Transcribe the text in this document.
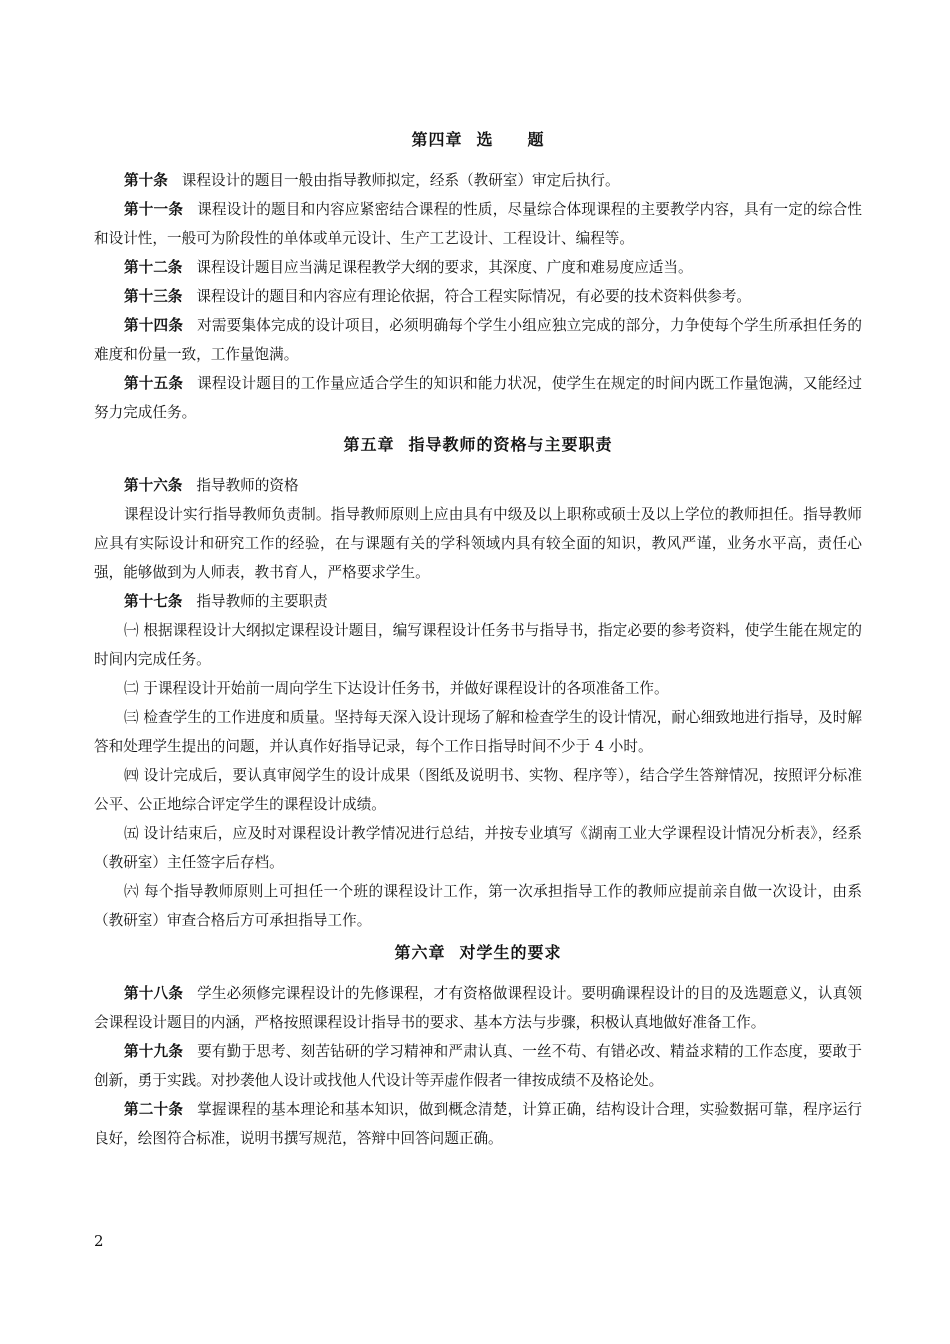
第四章 选　　题

第十条 课程设计的题目一般由指导教师拟定，经系（教研室）审定后执行。

第十一条 课程设计的题目和内容应紧密结合课程的性质，尽量综合体现课程的主要教学内容，具有一定的综合性和设计性，一般可为阶段性的单体或单元设计、生产工艺设计、工程设计、编程等。

第十二条 课程设计题目应当满足课程教学大纲的要求，其深度、广度和难易度应适当。

第十三条 课程设计的题目和内容应有理论依据，符合工程实际情况，有必要的技术资料供参考。

第十四条 对需要集体完成的设计项目，必须明确每个学生小组应独立完成的部分，力争使每个学生所承担任务的难度和份量一致，工作量饱满。

第十五条 课程设计题目的工作量应适合学生的知识和能力状况，使学生在规定的时间内既工作量饱满，又能经过努力完成任务。

第五章 指导教师的资格与主要职责

第十六条 指导教师的资格

课程设计实行指导教师负责制。指导教师原则上应由具有中级及以上职称或硕士及以上学位的教师担任。指导教师应具有实际设计和研究工作的经验，在与课题有关的学科领域内具有较全面的知识，教风严谨，业务水平高，责任心强，能够做到为人师表，教书育人，严格要求学生。

第十七条 指导教师的主要职责

㈠ 根据课程设计大纲拟定课程设计题目，编写课程设计任务书与指导书，指定必要的参考资料，使学生能在规定的时间内完成任务。

㈡ 于课程设计开始前一周向学生下达设计任务书，并做好课程设计的各项准备工作。

㈢ 检查学生的工作进度和质量。坚持每天深入设计现场了解和检查学生的设计情况，耐心细致地进行指导，及时解答和处理学生提出的问题，并认真作好指导记录，每个工作日指导时间不少于 4 小时。

㈣ 设计完成后，要认真审阅学生的设计成果（图纸及说明书、实物、程序等），结合学生答辩情况，按照评分标准公平、公正地综合评定学生的课程设计成绩。

㈤ 设计结束后，应及时对课程设计教学情况进行总结，并按专业填写《湖南工业大学课程设计情况分析表》，经系（教研室）主任签字后存档。

㈥ 每个指导教师原则上可担任一个班的课程设计工作，第一次承担指导工作的教师应提前亲自做一次设计，由系（教研室）审查合格后方可承担指导工作。

第六章 对学生的要求

第十八条 学生必须修完课程设计的先修课程，才有资格做课程设计。要明确课程设计的目的及选题意义，认真领会课程设计题目的内涵，严格按照课程设计指导书的要求、基本方法与步骤，积极认真地做好准备工作。

第十九条 要有勤于思考、刻苦钻研的学习精神和严肃认真、一丝不苟、有错必改、精益求精的工作态度，要敢于创新，勇于实践。对抄袭他人设计或找他人代设计等弄虚作假者一律按成绩不及格论处。

第二十条 掌握课程的基本理论和基本知识，做到概念清楚，计算正确，结构设计合理，实验数据可靠，程序运行良好，绘图符合标准，说明书撰写规范，答辩中回答问题正确。

2
